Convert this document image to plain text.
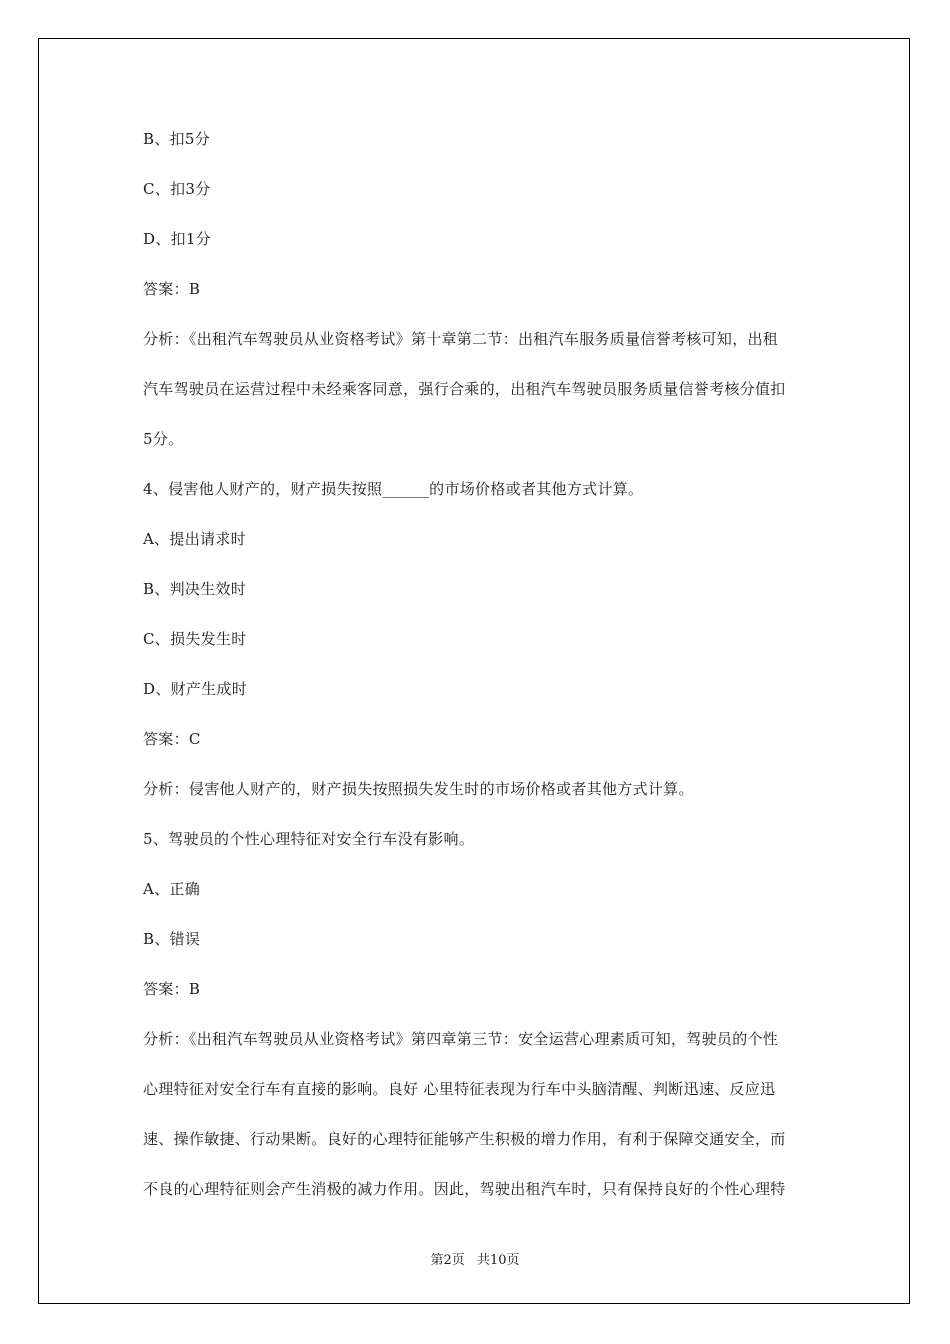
B、扣5分
C、扣3分
D、扣1分
答案：B
分析：《出租汽车驾驶员从业资格考试》第十章第二节：出租汽车服务质量信誉考核可知，出租
汽车驾驶员在运营过程中未经乘客同意，强行合乘的，出租汽车驾驶员服务质量信誉考核分值扣
5分。
4、侵害他人财产的，财产损失按照______的市场价格或者其他方式计算。
A、提出请求时
B、判决生效时
C、损失发生时
D、财产生成时
答案：C
分析：侵害他人财产的，财产损失按照损失发生时的市场价格或者其他方式计算。
5、驾驶员的个性心理特征对安全行车没有影响。
A、正确
B、错误
答案：B
分析：《出租汽车驾驶员从业资格考试》第四章第三节：安全运营心理素质可知，驾驶员的个性
心理特征对安全行车有直接的影响。良好 心里特征表现为行车中头脑清醒、判断迅速、反应迅
速、操作敏捷、行动果断。良好的心理特征能够产生积极的增力作用，有利于保障交通安全，而
不良的心理特征则会产生消极的减力作用。因此，驾驶出租汽车时，只有保持良好的个性心理特
第2页 共10页
